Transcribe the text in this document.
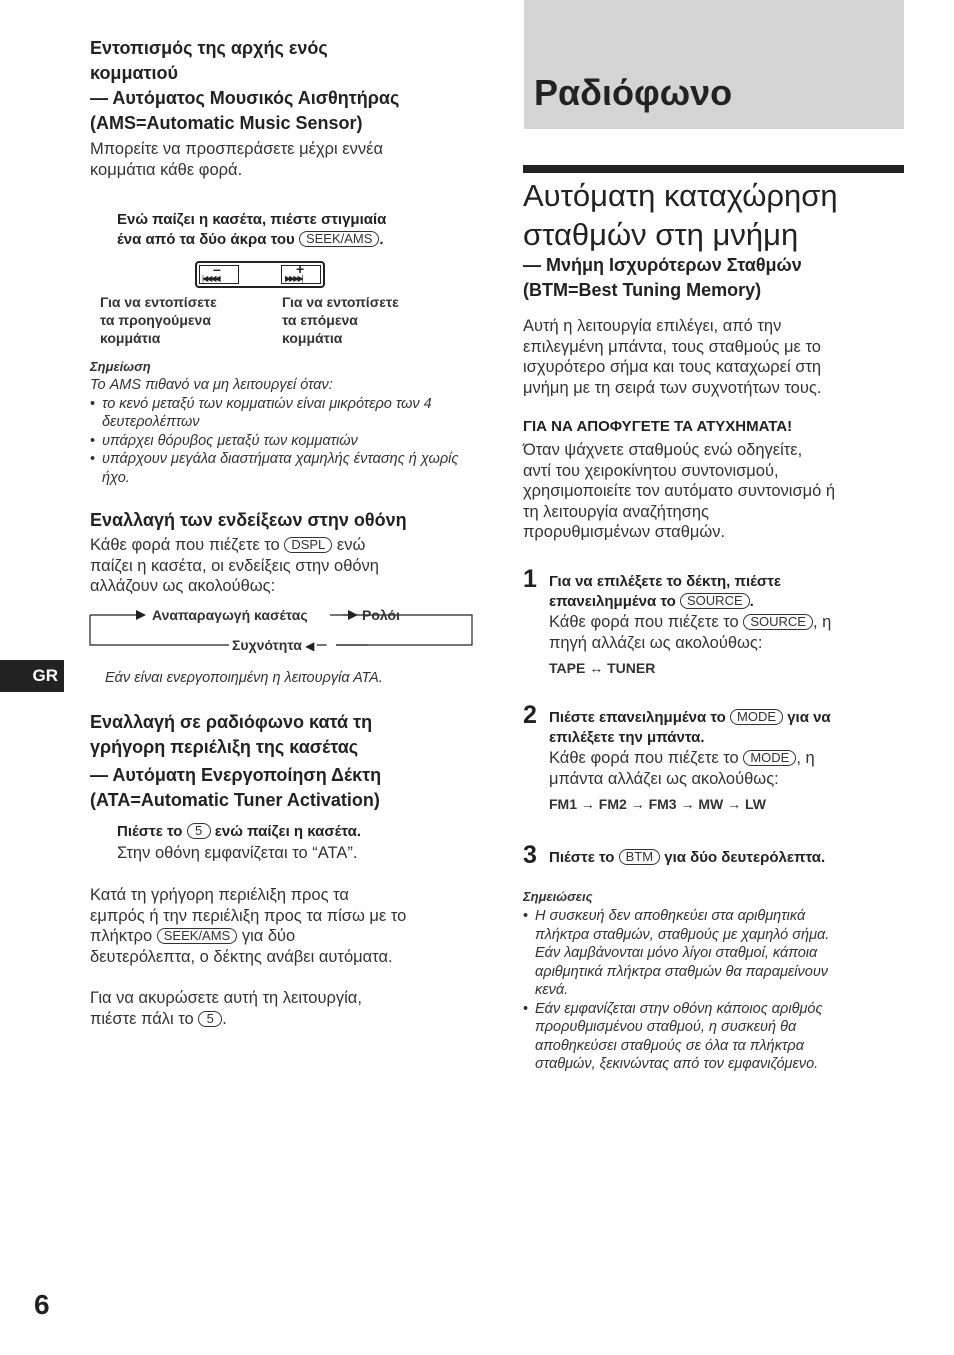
Εντοπισμός της αρχής ενός
κομματιού
— Αυτόματος Μουσικός Αισθητήρας
(AMS=Automatic Music Sensor)
Μπορείτε να προσπεράσετε μέχρι εννέα
κομμάτια κάθε φορά.
Ενώ παίζει η κασέτα, πιέστε στιγμιαία
ένα από τα δύο άκρα του SEEK/AMS .
–
|◀◀◀◀
+
▶▶▶▶|
Για να εντοπίσετε
τα προηγούμενα
κομμάτια
Για να εντοπίσετε
τα επόμενα
κομμάτια
Σημείωση
Το AMS πιθανό να μη λειτουργεί όταν:
• το κενό μεταξύ των κομματιών είναι μικρότερο των 4 δευτερολέπτων
• υπάρχει θόρυβος μεταξύ των κομματιών
• υπάρχουν μεγάλα διαστήματα χαμηλής έντασης ή χωρίς ήχο.
Εναλλαγή των ενδείξεων στην οθόνη
Κάθε φορά που πιέζετε το DSPL ενώ
παίζει η κασέτα, οι ενδείξεις στην οθόνη
αλλάζουν ως ακολούθως:
Αναπαραγωγή κασέτας	Ρολόι
Συχνότητα ◀
Εάν είναι ενεργοποιημένη η λειτουργία ΑΤΑ.
Εναλλαγή σε ραδιόφωνο κατά τη
γρήγορη περιέλιξη της κασέτας
— Αυτόματη Ενεργοποίηση Δέκτη
(ATA=Automatic Tuner Activation)
Πιέστε το 5 ενώ παίζει η κασέτα.
Στην οθόνη εμφανίζεται το “ATA”.
Κατά τη γρήγορη περιέλιξη προς τα
εμπρός ή την περιέλιξη προς τα πίσω με το
πλήκτρο SEEK/AMS για δύο
δευτερόλεπτα, ο δέκτης ανάβει αυτόματα.
Για να ακυρώσετε αυτή τη λειτουργία,
πιέστε πάλι το 5 .
GR
6
Ραδιόφωνο
Αυτόματη καταχώρηση
σταθμών στη μνήμη
— Μνήμη Ισχυρότερων Σταθμών
(BTM=Best Tuning Memory)
Αυτή η λειτουργία επιλέγει, από την
επιλεγμένη μπάντα, τους σταθμούς με το
ισχυρότερο σήμα και τους καταχωρεί στη
μνήμη με τη σειρά των συχνοτήτων τους.
ΓΙΑ ΝΑ ΑΠΟΦΥΓΕΤΕ ΤΑ ΑΤΥΧΗΜΑΤΑ!
Όταν ψάχνετε σταθμούς ενώ οδηγείτε,
αντί του χειροκίνητου συντονισμού,
χρησιμοποιείτε τον αυτόματο συντονισμό ή
τη λειτουργία αναζήτησης
προρυθμισμένων σταθμών.
1 Για να επιλέξετε το δέκτη, πιέστε
επανειλημμένα το SOURCE .
Κάθε φορά που πιέζετε το SOURCE , η
πηγή αλλάζει ως ακολούθως:
TAPE ↔ TUNER
2 Πιέστε επανειλημμένα το MODE για να
επιλέξετε την μπάντα.
Κάθε φορά που πιέζετε το MODE , η
μπάντα αλλάζει ως ακολούθως:
FM1 → FM2 → FM3 → MW → LW
3 Πιέστε το BTM για δύο δευτερόλεπτα.
Σημειώσεις
• Η συσκευή δεν αποθηκεύει στα αριθμητικά
πλήκτρα σταθμών, σταθμούς με χαμηλό σήμα.
Εάν λαμβάνονται μόνο λίγοι σταθμοί, κάποια
αριθμητικά πλήκτρα σταθμών θα παραμείνουν
κενά.
• Εάν εμφανίζεται στην οθόνη κάποιος αριθμός
προρυθμισμένου σταθμού, η συσκευή θα
αποθηκεύσει σταθμούς σε όλα τα πλήκτρα
σταθμών, ξεκινώντας από τον εμφανιζόμενο.
